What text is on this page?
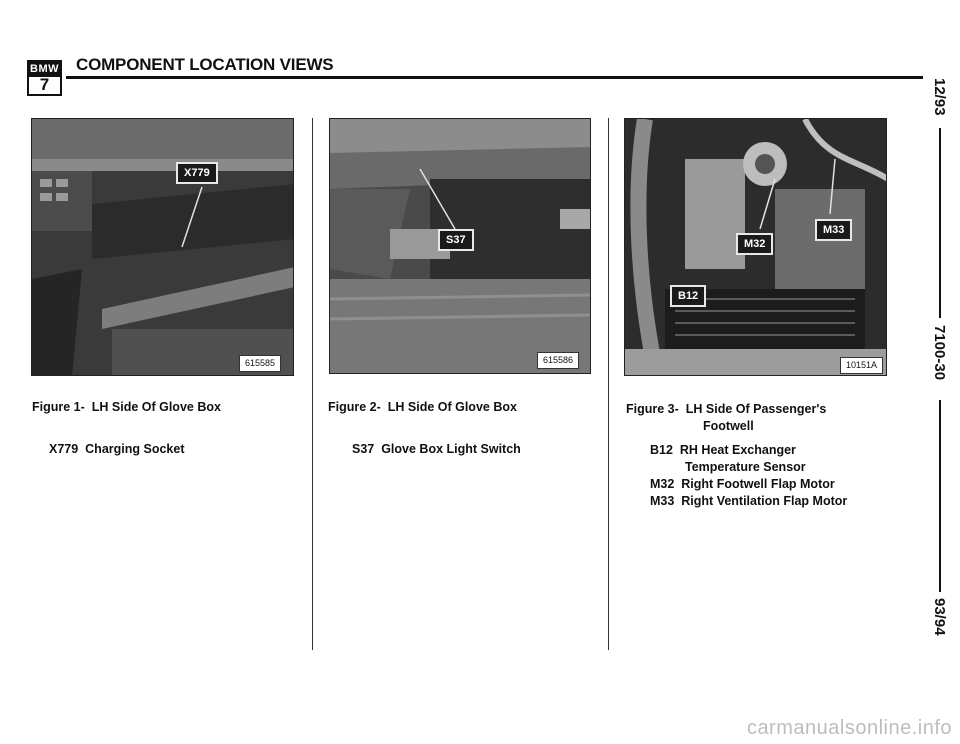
BMW
7
COMPONENT LOCATION VIEWS
X779
615585
S37
615586
M33
M32
B12
10151A
Figure 1- LH Side Of Glove Box	Figure 2- LH Side Of Glove Box	Figure 3- LH Side Of Passenger's
Footwell
X779 Charging Socket	S37 Glove Box Light Switch	B12 RH Heat Exchanger
Temperature Sensor
M32 Right Footwell Flap Motor
M33 Right Ventilation Flap Motor
12/93
7100-30
93/94
carmanualsonline.info
